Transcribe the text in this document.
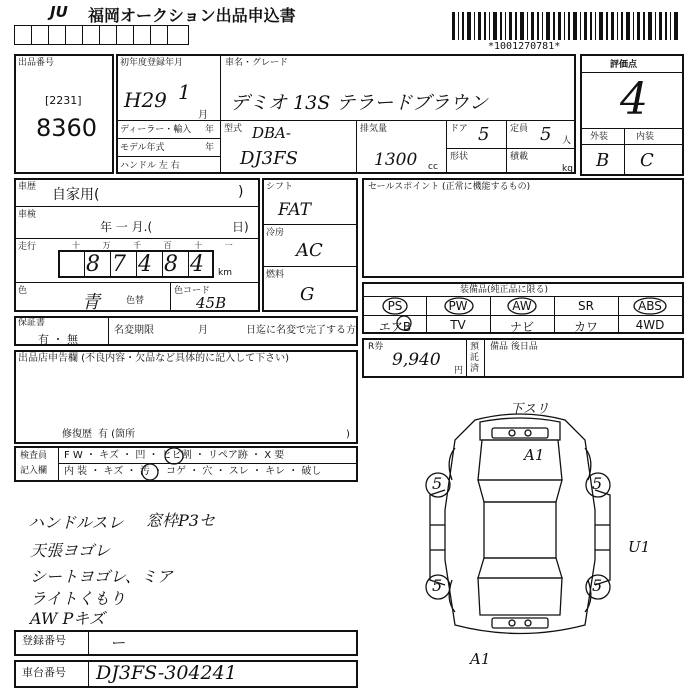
JU 福岡オークション出品申込書
*1001270781*
出品番号
[2231]
8360
初年度登録年月
H29 1
月
車名・グレード
デミオ 13S テラードブラウン
ディーラー・輸入 年
モデル年式	年
ハンドル 左 右
型式 DBA-
DJ3FS
排気量
1300 cc
ドア 5 定員 5 人
形状	積載
kg
評価点
4
外装	内装
B C
車歴 自家用(	)
車検
年 一 月.(	日)
走行	十 万 千 百 十 一
8 7 4 8 4 km
色
青	色替
色コード
45B
シフト
FAT
冷房
AC
燃料
G
セールスポイント (正常に機能するもの)
装備品(純正品に限る)
PS	PW	AW	SR	ABS
エアB	TV	ナビ	カワ	4WD
保証書
有 ・ 無
名変期限	月	日迄に名変で完了する方
R券
9,940
円
預託済
備品 後日品
出品店申告欄 (不良内容・欠品など具体的に記入して下さい)
修復歴 有 (箇所	)
検査員
記入欄
F W ・ キズ ・ 凹 ・ ヒビ割 ・ リペア跡 ・ X 要
内 装 ・ キズ ・ 汚 ・ コゲ ・ 穴 ・ スレ ・ キレ ・ 破し
ハンドルスレ 窓枠P3セ
天張ヨゴレ
シートヨゴレ、ミア
ライトくもり
AW Pキズ
登録番号	ー
車台番号 DJ3FS-304241
下スリ
A1
U1
A1
5	5
5	5
